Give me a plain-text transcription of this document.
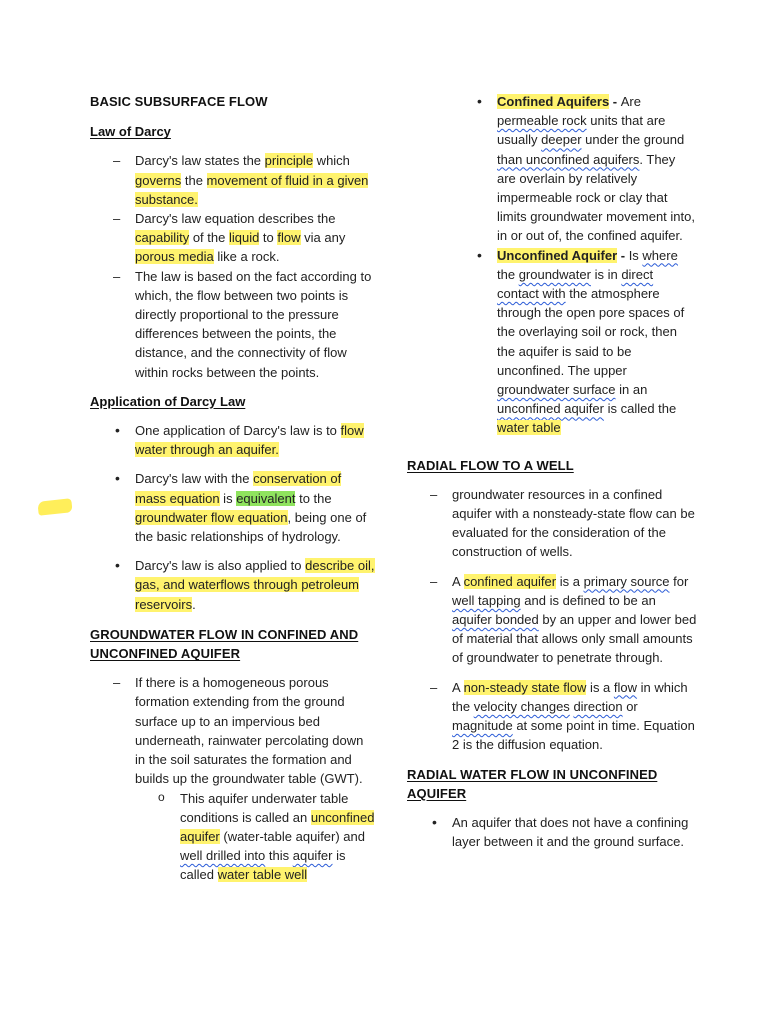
BASIC SUBSURFACE FLOW

Law of Darcy

– Darcy's law states the principle which governs the movement of fluid in a given substance.
– Darcy's law equation describes the capability of the liquid to flow via any porous media like a rock.
– The law is based on the fact according to which, the flow between two points is directly proportional to the pressure differences between the points, the distance, and the connectivity of flow within rocks between the points.

Application of Darcy Law

• One application of Darcy's law is to flow water through an aquifer.
• Darcy's law with the conservation of mass equation is equivalent to the groundwater flow equation, being one of the basic relationships of hydrology.
• Darcy's law is also applied to describe oil, gas, and waterflows through petroleum reservoirs.
GROUNDWATER FLOW IN CONFINED AND UNCONFINED AQUIFER
– If there is a homogeneous porous formation extending from the ground surface up to an impervious bed underneath, rainwater percolating down in the soil saturates the formation and builds up the groundwater table (GWT).
o This aquifer underwater table conditions is called an unconfined aquifer (water-table aquifer) and well drilled into this aquifer is called water table well
• Confined Aquifers - Are permeable rock units that are usually deeper under the ground than unconfined aquifers. They are overlain by relatively impermeable rock or clay that limits groundwater movement into, in or out of, the confined aquifer.
• Unconfined Aquifer - Is where the groundwater is in direct contact with the atmosphere through the open pore spaces of the overlaying soil or rock, then the aquifer is said to be unconfined. The upper groundwater surface in an unconfined aquifer is called the water table
RADIAL FLOW TO A WELL
– groundwater resources in a confined aquifer with a nonsteady-state flow can be evaluated for the consideration of the construction of wells.
– A confined aquifer is a primary source for well tapping and is defined to be an aquifer bonded by an upper and lower bed of material that allows only small amounts of groundwater to penetrate through.
– A non-steady state flow is a flow in which the velocity changes direction or magnitude at some point in time. Equation 2 is the diffusion equation.
RADIAL WATER FLOW IN UNCONFINED AQUIFER
• An aquifer that does not have a confining layer between it and the ground surface.
